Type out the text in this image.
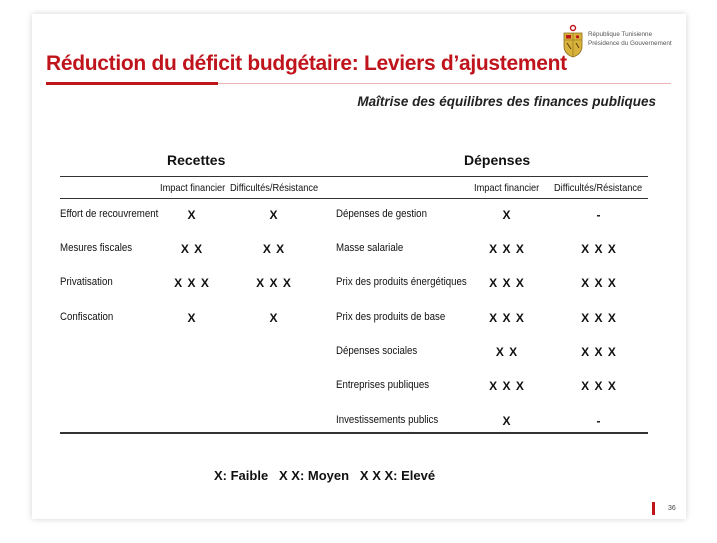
République Tunisienne
Présidence du Gouvernement
Réduction du déficit budgétaire: Leviers d’ajustement
Maîtrise des équilibres des finances publiques
Recettes	Dépenses
Impact financier Difficultés/Résistance	Impact financier Difficultés/Résistance
Effort de recouvrement	X	X
Mesures fiscales	X X	X X
Privatisation	X X X	X X X
Confiscation	X	X
Dépenses de gestion	X	-
Masse salariale	X X X	X X X
Prix des produits énergétiques	X X X	X X X
Prix des produits de base	X X X	X X X
Dépenses sociales	X X	X X X
Entreprises publiques	X X X	X X X
Investissements publics	X	-
X: Faible   X X: Moyen   X X X: Elevé
36
